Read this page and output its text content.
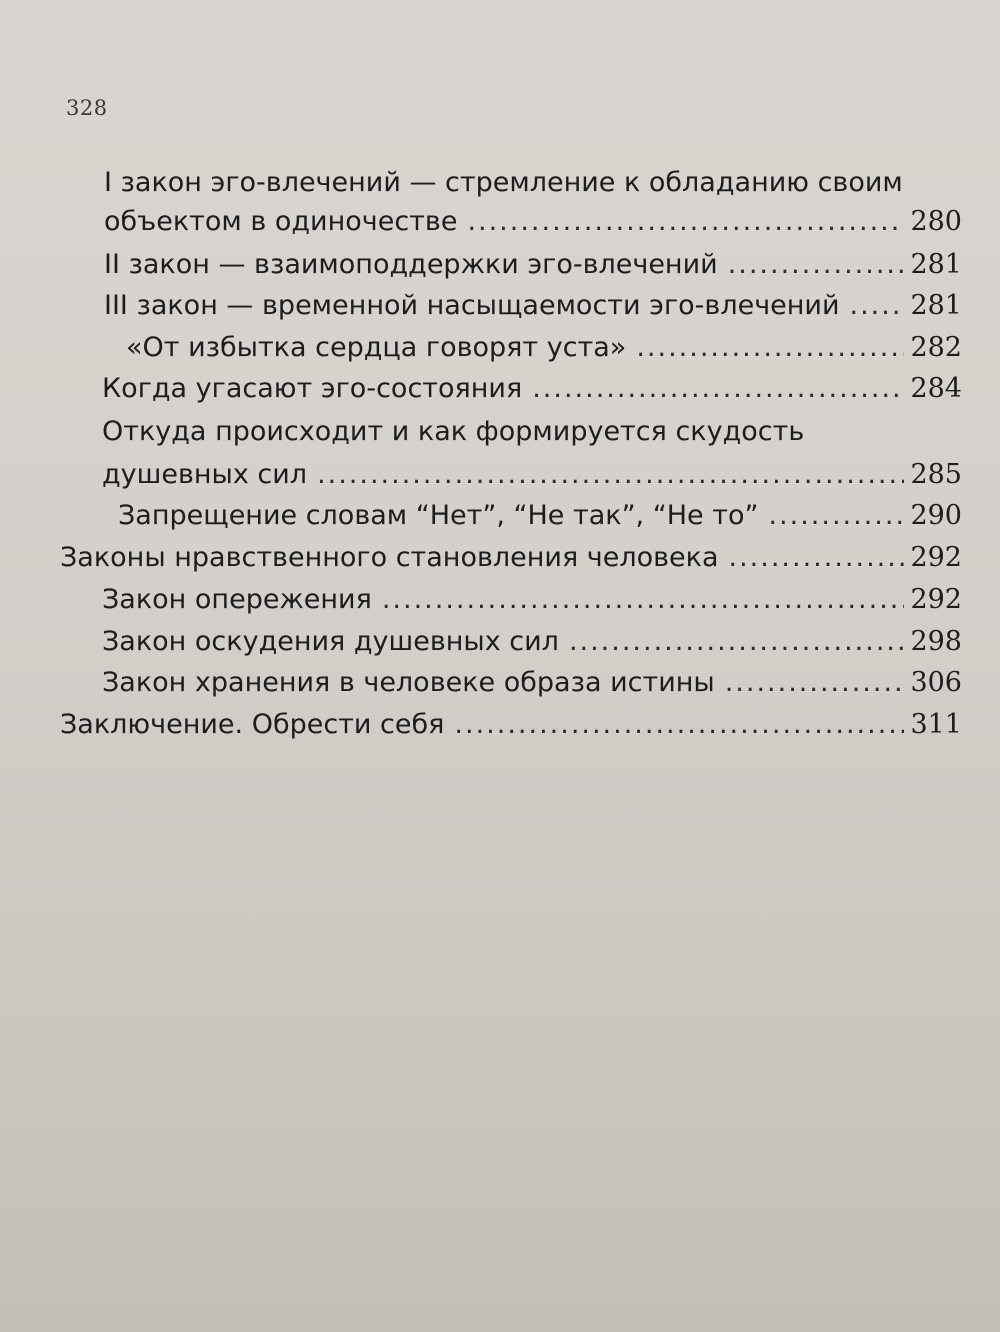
328
I закон эго-влечений — стремление к обладанию своим
объектом в одиночестве .....	280
II закон — взаимоподдержки эго-влечений .....	281
III закон — временной насыщаемости эго-влечений .....	281
«От избытка сердца говорят уста» .....	282
Когда угасают эго-состояния .....	284
Откуда происходит и как формируется скудость
душевных сил .....	285
Запрещение словам “Нет”, “Не так”, “Не то” .....	290
Законы нравственного становления человека .....	292
Закон опережения .....	292
Закон оскудения душевных сил .....	298
Закон хранения в человеке образа истины .....	306
Заключение. Обрести себя .....	311
